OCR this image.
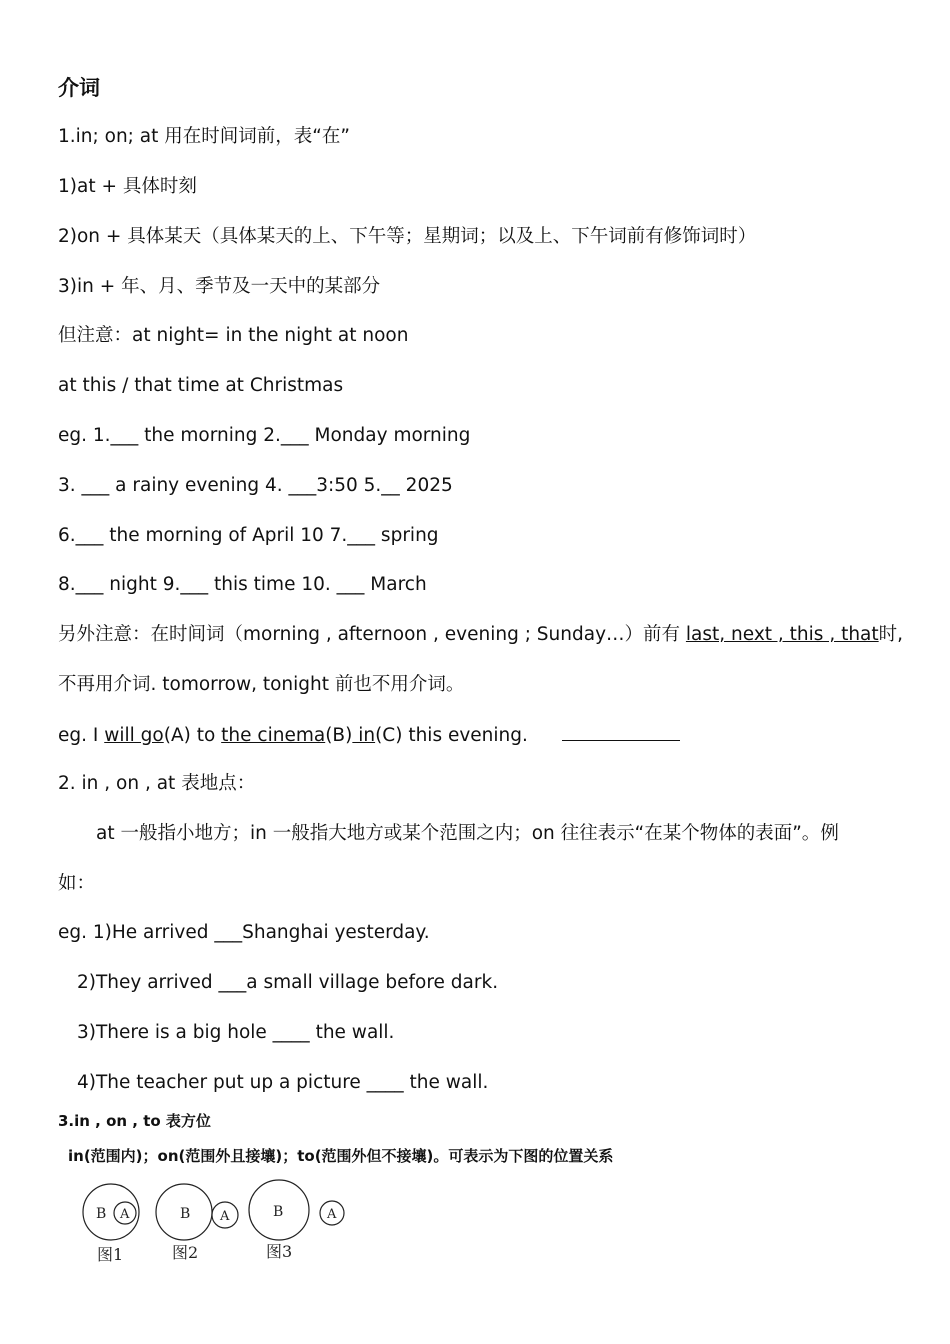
介词
1.in; on; at 用在时间词前，表“在”
1)at + 具体时刻
2)on + 具体某天（具体某天的上、下午等；星期词；以及上、下午词前有修饰词时）
3)in + 年、月、季节及一天中的某部分
但注意：at night= in the night at noon
at this / that time at Christmas
eg. 1.___ the morning 2.___ Monday morning
3. ___ a rainy evening 4. ___3:50 5.__ 2025
6.___ the morning of April 10 7.___ spring
8.___ night 9.___ this time 10. ___ March
另外注意：在时间词（morning , afternoon , evening ; Sunday…）前有 last, next , this , that时,
不再用介词. tomorrow, tonight 前也不用介词。
eg. I will go(A) to the cinema(B) in(C) this evening.
2. in , on , at 表地点：
at 一般指小地方；in 一般指大地方或某个范围之内；on 往往表示“在某个物体的表面”。例
如：
eg. 1)He arrived ___Shanghai yesterday.
2)They arrived ___a small village before dark.
3)There is a big hole ____ the wall.
4)The teacher put up a picture ____ the wall.
3.in , on , to 表方位
in(范围内)；on(范围外且接壤)；to(范围外但不接壤)。可表示为下图的位置关系
B A
图1
B A
图2
B	A
图3
